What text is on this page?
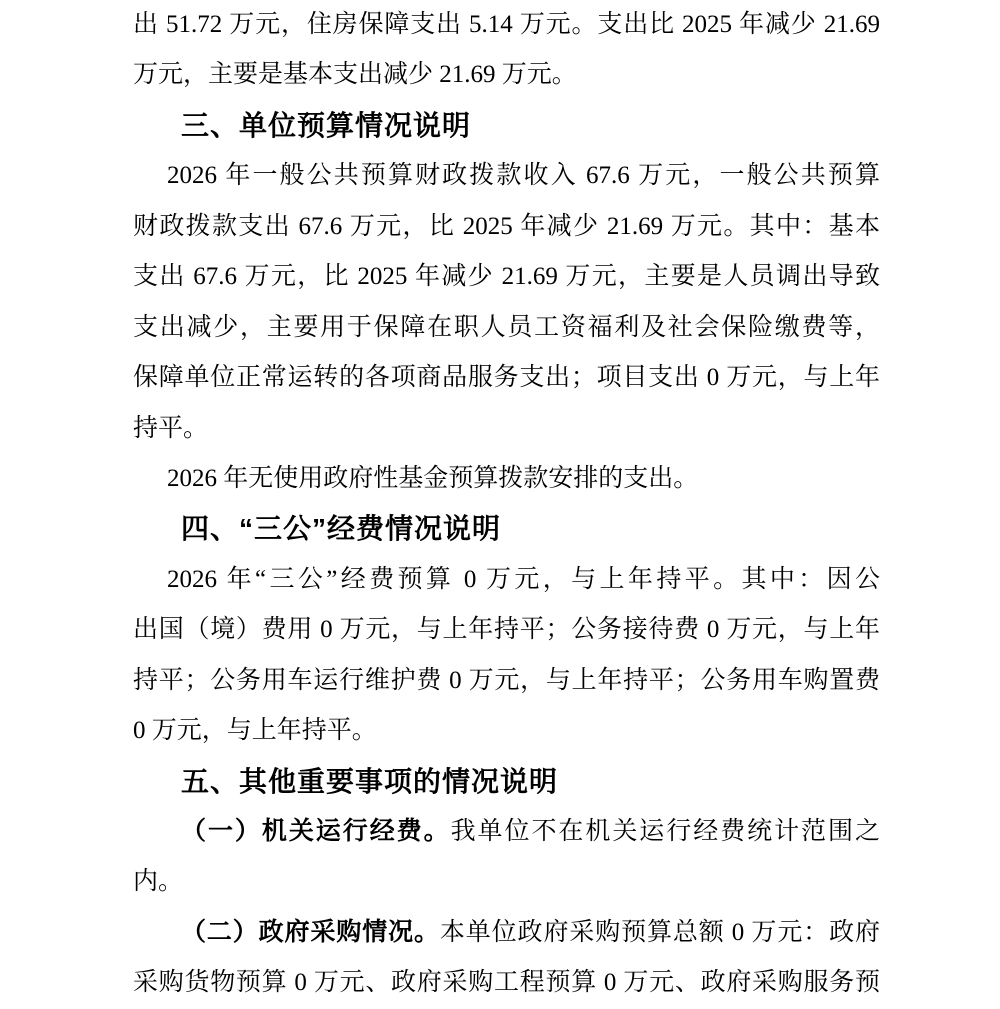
出 51.72 万元，住房保障支出 5.14 万元。支出比 2025 年减少 21.69
万元，主要是基本支出减少 21.69 万元。
三、单位预算情况说明
2026 年一般公共预算财政拨款收入 67.6 万元，一般公共预算
财政拨款支出 67.6 万元，比 2025 年减少 21.69 万元。其中：基本
支出 67.6 万元，比 2025 年减少 21.69 万元，主要是人员调出导致
支出减少，主要用于保障在职人员工资福利及社会保险缴费等，
保障单位正常运转的各项商品服务支出；项目支出 0 万元，与上年
持平。
2026 年无使用政府性基金预算拨款安排的支出。
四、“三公”经费情况说明
2026 年“三公”经费预算 0 万元，与上年持平。其中：因公
出国（境）费用 0 万元，与上年持平；公务接待费 0 万元，与上年
持平；公务用车运行维护费 0 万元，与上年持平；公务用车购置费
0 万元，与上年持平。
五、其他重要事项的情况说明
（一）机关运行经费。我单位不在机关运行经费统计范围之
内。
（二）政府采购情况。本单位政府采购预算总额 0 万元：政府
采购货物预算 0 万元、政府采购工程预算 0 万元、政府采购服务预
